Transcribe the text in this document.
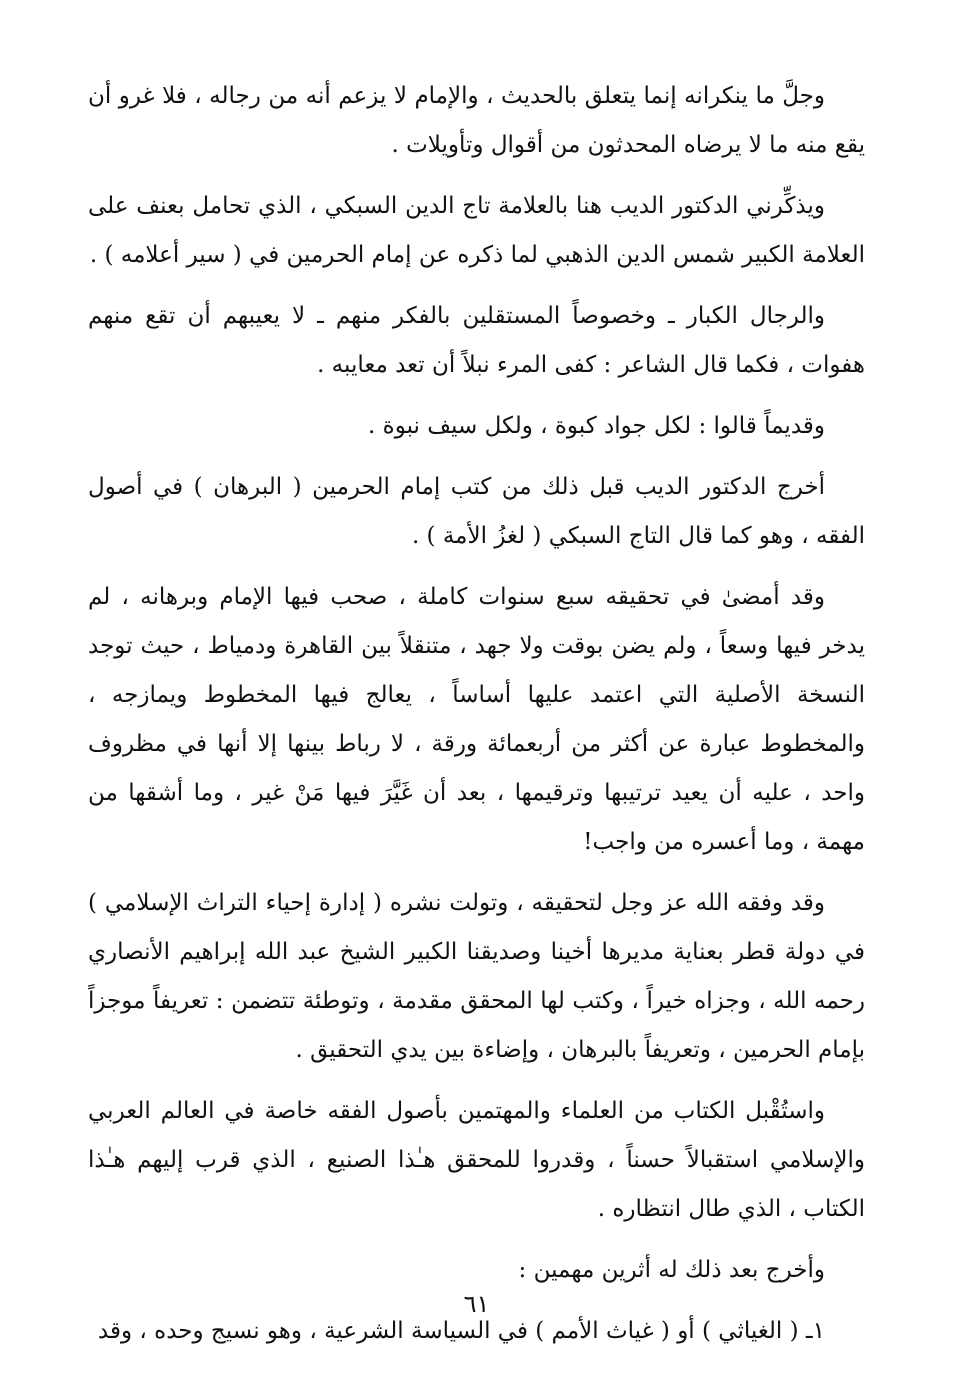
وجلَّ ما ينكرانه إنما يتعلق بالحديث ، والإمام لا يزعم أنه من رجاله ، فلا غرو أن يقع منه ما لا يرضاه المحدثون من أقوال وتأويلات .

ويذكِّرني الدكتور الديب هنا بالعلامة تاج الدين السبكي ، الذي تحامل بعنف على العلامة الكبير شمس الدين الذهبي لما ذكره عن إمام الحرمين في ( سير أعلامه ) .

والرجال الكبار ـ وخصوصاً المستقلين بالفكر منهم ـ لا يعيبهم أن تقع منهم هفوات ، فكما قال الشاعر : كفى المرء نبلاً أن تعد معايبه .

وقديماً قالوا : لكل جواد كبوة ، ولكل سيف نبوة .

أخرج الدكتور الديب قبل ذلك من كتب إمام الحرمين ( البرهان ) في أصول الفقه ، وهو كما قال التاج السبكي ( لغزُ الأمة ) .

وقد أمضىٰ في تحقيقه سبع سنوات كاملة ، صحب فيها الإمام وبرهانه ، لم يدخر فيها وسعاً ، ولم يضن بوقت ولا جهد ، متنقلاً بين القاهرة ودمياط ، حيث توجد النسخة الأصلية التي اعتمد عليها أساساً ، يعالج فيها المخطوط ويمازجه ، والمخطوط عبارة عن أكثر من أربعمائة ورقة ، لا رباط بينها إلا أنها في مظروف واحد ، عليه أن يعيد ترتيبها وترقيمها ، بعد أن غَيَّرَ فيها مَنْ غير ، وما أشقها من مهمة ، وما أعسره من واجب!

وقد وفقه الله عز وجل لتحقيقه ، وتولت نشره ( إدارة إحياء التراث الإسلامي ) في دولة قطر بعناية مديرها أخينا وصديقنا الكبير الشيخ عبد الله إبراهيم الأنصاري رحمه الله ، وجزاه خيراً ، وكتب لها المحقق مقدمة ، وتوطئة تتضمن : تعريفاً موجزاً بإمام الحرمين ، وتعريفاً بالبرهان ، وإضاءة بين يدي التحقيق .

واستُقْبل الكتاب من العلماء والمهتمين بأصول الفقه خاصة في العالم العربي والإسلامي استقبالاً حسناً ، وقدروا للمحقق هـٰذا الصنيع ، الذي قرب إليهم هـٰذا الكتاب ، الذي طال انتظاره .

وأخرج بعد ذلك له أثرين مهمين :

١ـ ( الغياثي ) أو ( غياث الأمم ) في السياسة الشرعية ، وهو نسيج وحده ، وقد

٦١
